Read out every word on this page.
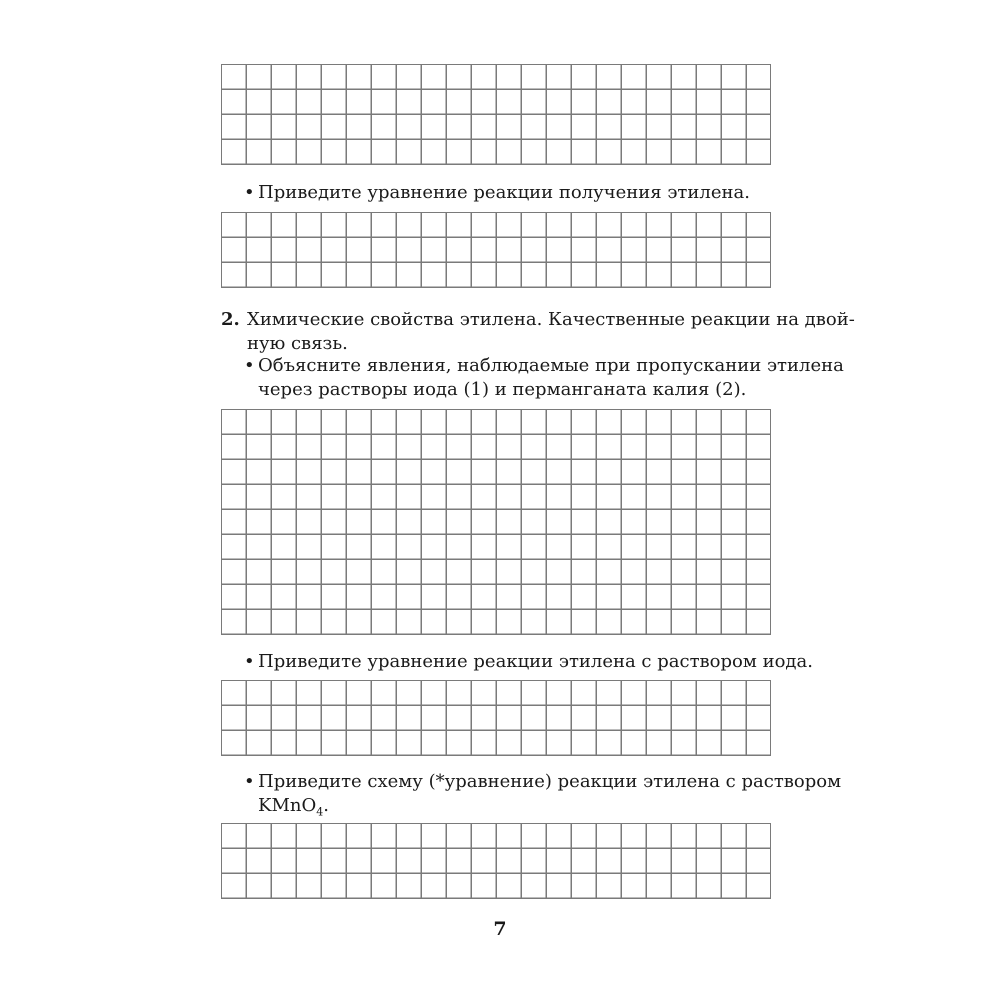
• Приведите уравнение реакции получения этилена.
2. Химические свойства этилена. Качественные реакции на двой-
ную связь.
• Объясните явления, наблюдаемые при пропускании этилена
через растворы иода (1) и перманганата калия (2).
• Приведите уравнение реакции этилена с раствором иода.
• Приведите схему (*уравнение) реакции этилена с раствором
KMnO$_4$.
7
